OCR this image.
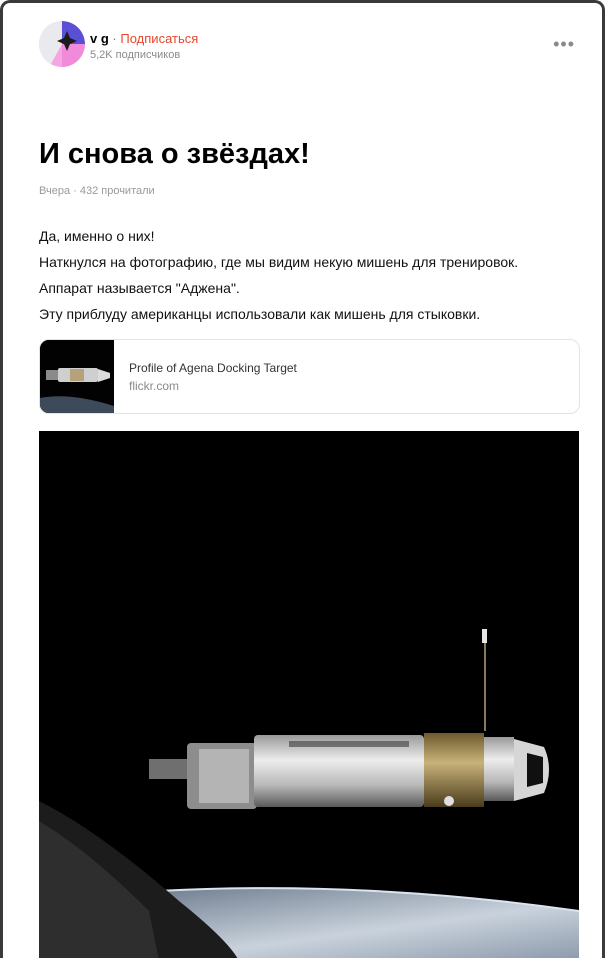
v g · Подписаться
5,2K подписчиков
•••
И снова о звёздах!
Вчера · 432 прочитали

Да, именно о них!

Наткнулся на фотографию, где мы видим некую мишень для тренировок.

Аппарат называется "Аджена".

Эту приблуду американцы использовали как мишень для стыковки.

Profile of Agena Docking Target
flickr.com
